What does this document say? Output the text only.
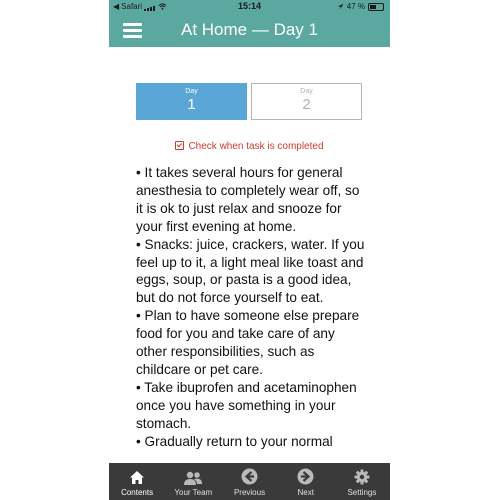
◀ Safari	15:14	47 %
At Home — Day 1
Day
1
Day
2
Check when task is completed

• It takes several hours for general anesthesia to completely wear off, so it is ok to just relax and snooze for your first evening at home.

• Snacks: juice, crackers, water. If you feel up to it, a light meal like toast and eggs, soup, or pasta is a good idea, but do not force yourself to eat.

• Plan to have someone else prepare food for you and take care of any other responsibilities, such as childcare or pet care.

• Take ibuprofen and acetaminophen once you have something in your stomach.

• Gradually return to your normal

Contents	Your Team	Previous	Next	Settings
